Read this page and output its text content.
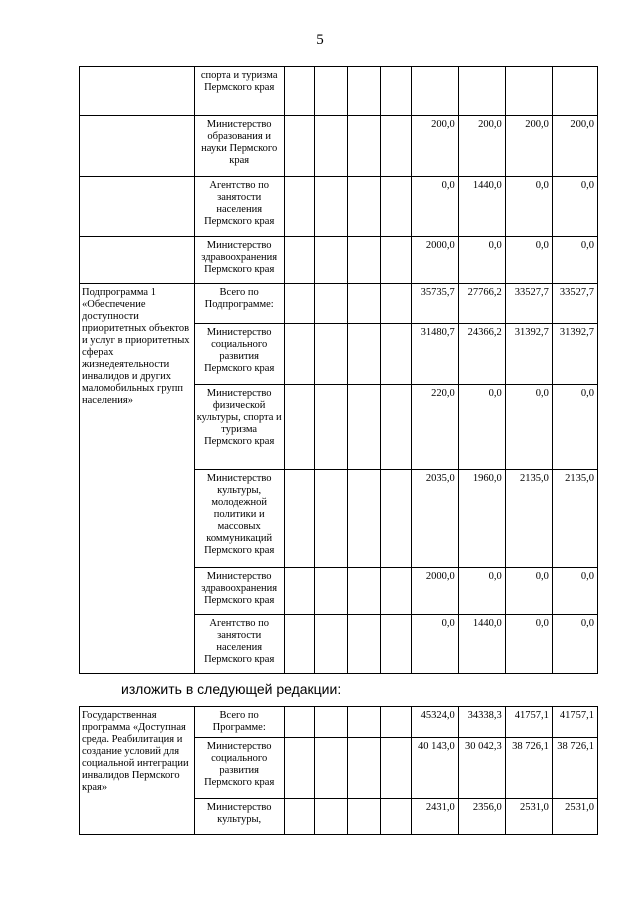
5
	спорта и туризма Пермского края								
	Министерство образования и науки Пермского края					200,0	200,0	200,0	200,0
	Агентство по занятости населения Пермского края					0,0	1440,0	0,0	0,0
	Министерство здравоохранения Пермского края					2000,0	0,0	0,0	0,0
Подпрограмма 1 «Обеспечение доступности приоритетных объектов и услуг в приоритетных сферах жизнедеятельности инвалидов и других маломобильных групп населения»	Всего по Подпрограмме:					35735,7	27766,2	33527,7	33527,7
	Министерство социального развития Пермского края					31480,7	24366,2	31392,7	31392,7
	Министерство физической культуры, спорта и туризма Пермского края					220,0	0,0	0,0	0,0
	Министерство культуры, молодежной политики и массовых коммуникаций Пермского края					2035,0	1960,0	2135,0	2135,0
	Министерство здравоохранения Пермского края					2000,0	0,0	0,0	0,0
	Агентство по занятости населения Пермского края					0,0	1440,0	0,0	0,0
изложить в следующей редакции:
Государственная программа «Доступная среда. Реабилитация и создание условий для социальной интеграции инвалидов Пермского края»	Всего по Программе:					45324,0	34338,3	41757,1	41757,1
	Министерство социального развития Пермского края					40 143,0	30 042,3	38 726,1	38 726,1
	Министерство культуры,					2431,0	2356,0	2531,0	2531,0
